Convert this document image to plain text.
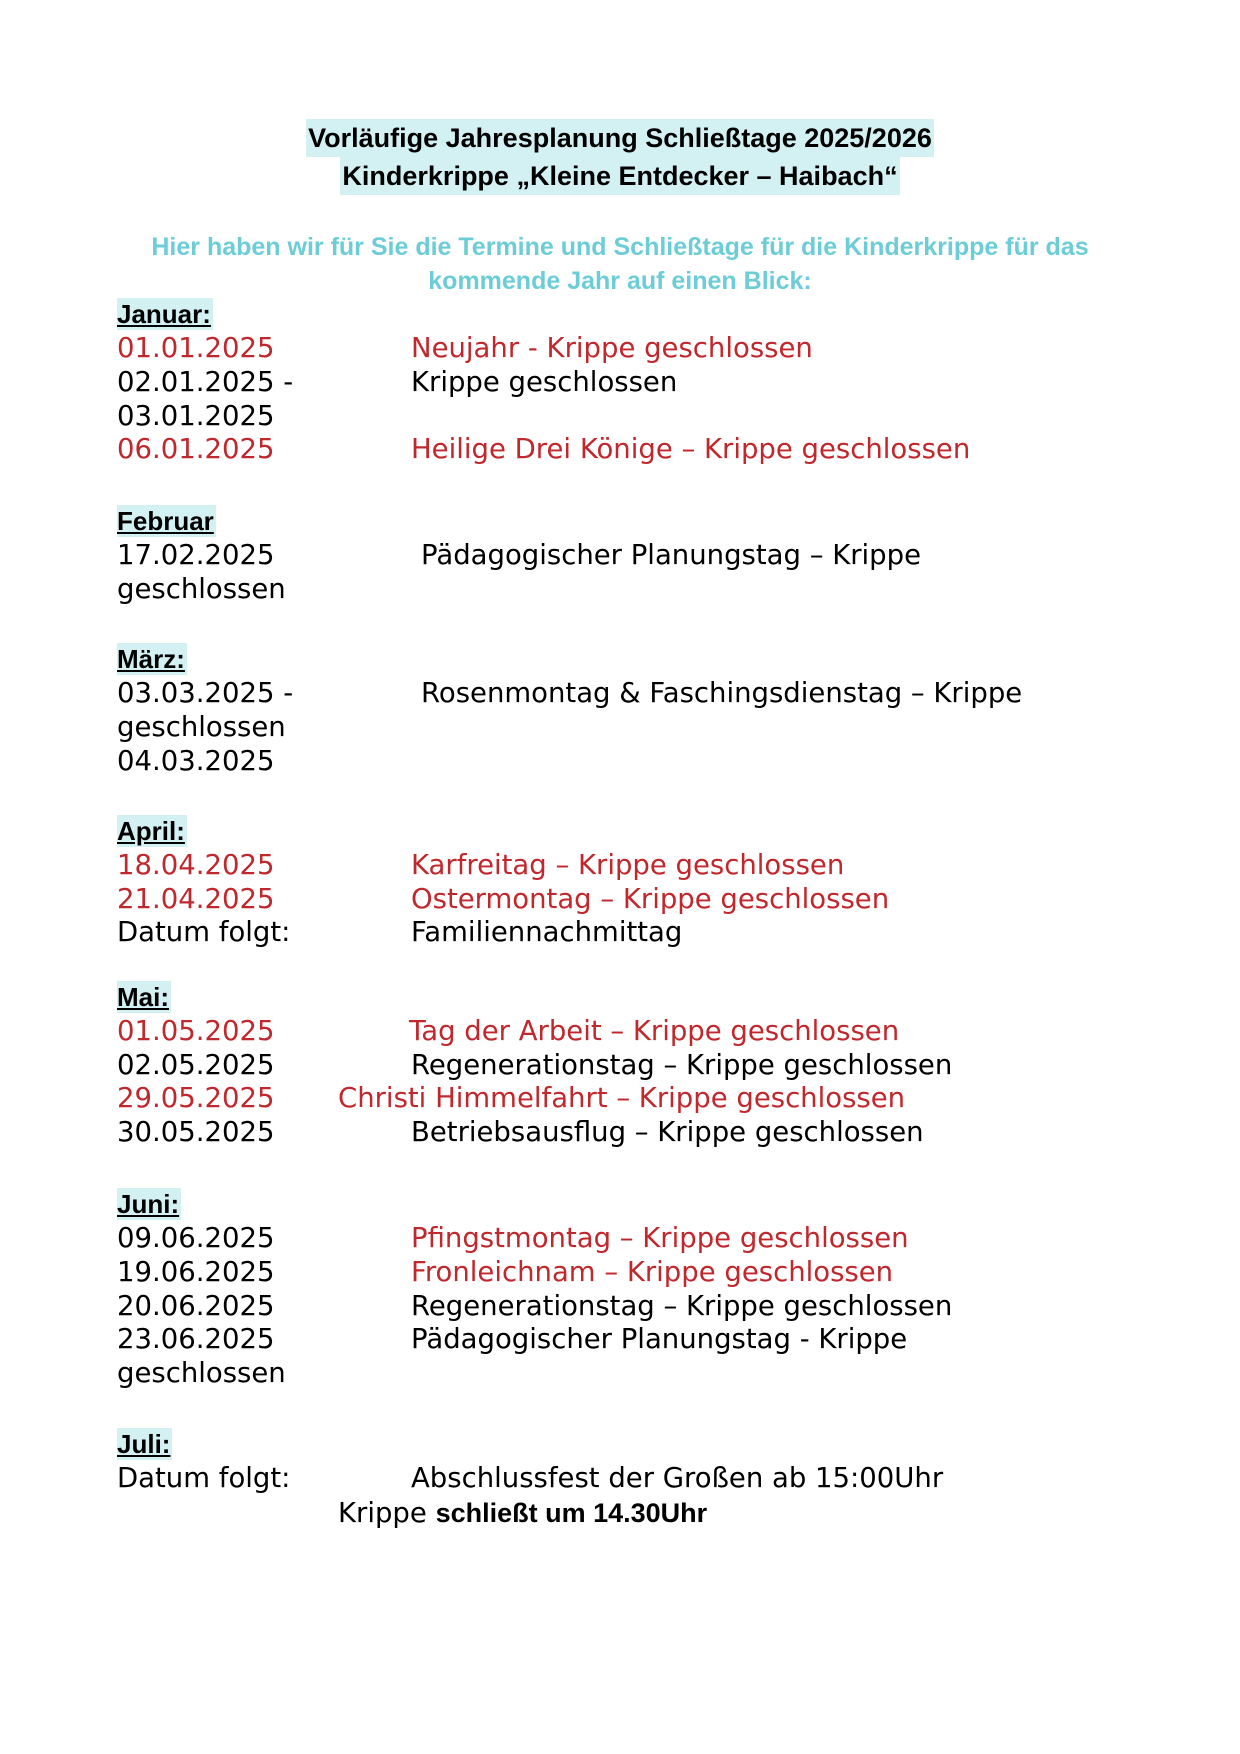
Vorläufige Jahresplanung Schließtage 2025/2026
Kinderkrippe „Kleine Entdecker – Haibach“
Hier haben wir für Sie die Termine und Schließtage für die Kinderkrippe für das
kommende Jahr auf einen Blick:
Januar:
01.01.2025	Neujahr - Krippe geschlossen
02.01.2025 -	Krippe geschlossen
03.01.2025
06.01.2025	Heilige Drei Könige – Krippe geschlossen
Februar
17.02.2025	Pädagogischer Planungstag – Krippe
geschlossen
März:
03.03.2025 -	Rosenmontag & Faschingsdienstag – Krippe
geschlossen
04.03.2025
April:
18.04.2025	Karfreitag – Krippe geschlossen
21.04.2025	Ostermontag – Krippe geschlossen
Datum folgt:	Familiennachmittag
Mai:
01.05.2025	Tag der Arbeit – Krippe geschlossen
02.05.2025	Regenerationstag – Krippe geschlossen
29.05.2025 Christi Himmelfahrt – Krippe geschlossen
30.05.2025	Betriebsausflug – Krippe geschlossen
Juni:
09.06.2025	Pfingstmontag – Krippe geschlossen
19.06.2025	Fronleichnam – Krippe geschlossen
20.06.2025	Regenerationstag – Krippe geschlossen
23.06.2025	Pädagogischer Planungstag - Krippe
geschlossen
Juli:
Datum folgt:	Abschlussfest der Großen ab 15:00Uhr
Krippe schließt um 14.30Uhr
